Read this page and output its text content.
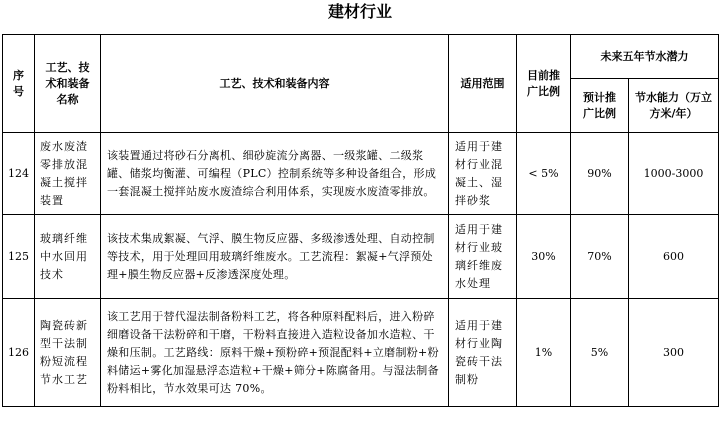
建材行业
序号	工艺、技术和装备名称	工艺、技术和装备内容	适用范围	目前推广比例	未来五年节水潜力	
					预计推广比例	节水能力（万立方米/年）
124	废水废渣零排放混凝土搅拌装置	该装置通过将砂石分离机、细砂旋流分离器、一级浆罐、二级浆罐、储浆均衡灌、可编程（PLC）控制系统等多种设备组合，形成一套混凝土搅拌站废水废渣综合利用体系，实现废水废渣零排放。	适用于建材行业混凝土、湿拌砂浆	< 5%	90%	1000-3000
125	玻璃纤维中水回用技术	该技术集成絮凝、气浮、膜生物反应器、多级渗透处理、自动控制等技术，用于处理回用玻璃纤维废水。工艺流程：絮凝+气浮预处理+膜生物反应器+反渗透深度处理。	适用于建材行业玻璃纤维废水处理	30%	70%	600
126	陶瓷砖新型干法制粉短流程节水工艺	该工艺用于替代湿法制备粉料工艺，将各种原料配料后，进入粉碎细磨设备干法粉碎和干磨，干粉料直接进入造粒设备加水造粒、干燥和压制。工艺路线：原料干燥+预粉碎+预混配料+立磨制粉+粉料储运+雾化加湿悬浮态造粒+干燥+筛分+陈腐备用。与湿法制备粉料相比，节水效果可达 70%。	适用于建材行业陶瓷砖干法制粉	1%	5%	300
